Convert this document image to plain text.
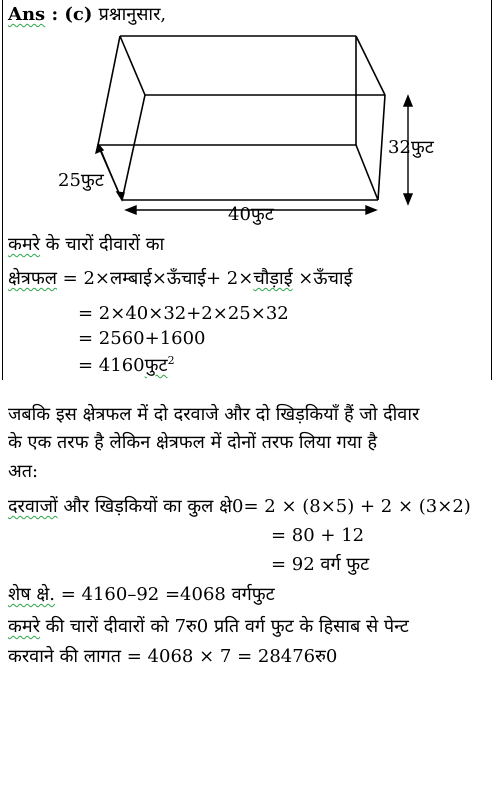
Ans : (c) प्रश्नानुसार,
25फुट
32फुट
40फुट
कमरे के चारों दीवारों का
क्षेत्रफल = 2×लम्बाई×ऊँचाई+ 2×चौड़ाई ×ऊँचाई
= 2×40×32+2×25×32
= 2560+1600
= 4160फुट$^2$
जबकि इस क्षेत्रफल में दो दरवाजे और दो खिड़कियाँ हैं जो दीवार
के एक तरफ है लेकिन क्षेत्रफल में दोनों तरफ लिया गया है
अत:
दरवाजों और खिड़कियों का कुल क्षे0= 2 × (8×5) + 2 × (3×2)
= 80 + 12
= 92 वर्ग फुट
शेष क्षे. = 4160–92 =4068 वर्गफुट
कमरे की चारों दीवारों को 7रु0 प्रति वर्ग फुट के हिसाब से पेन्ट
करवाने की लागत = 4068 × 7 = 28476रु0
